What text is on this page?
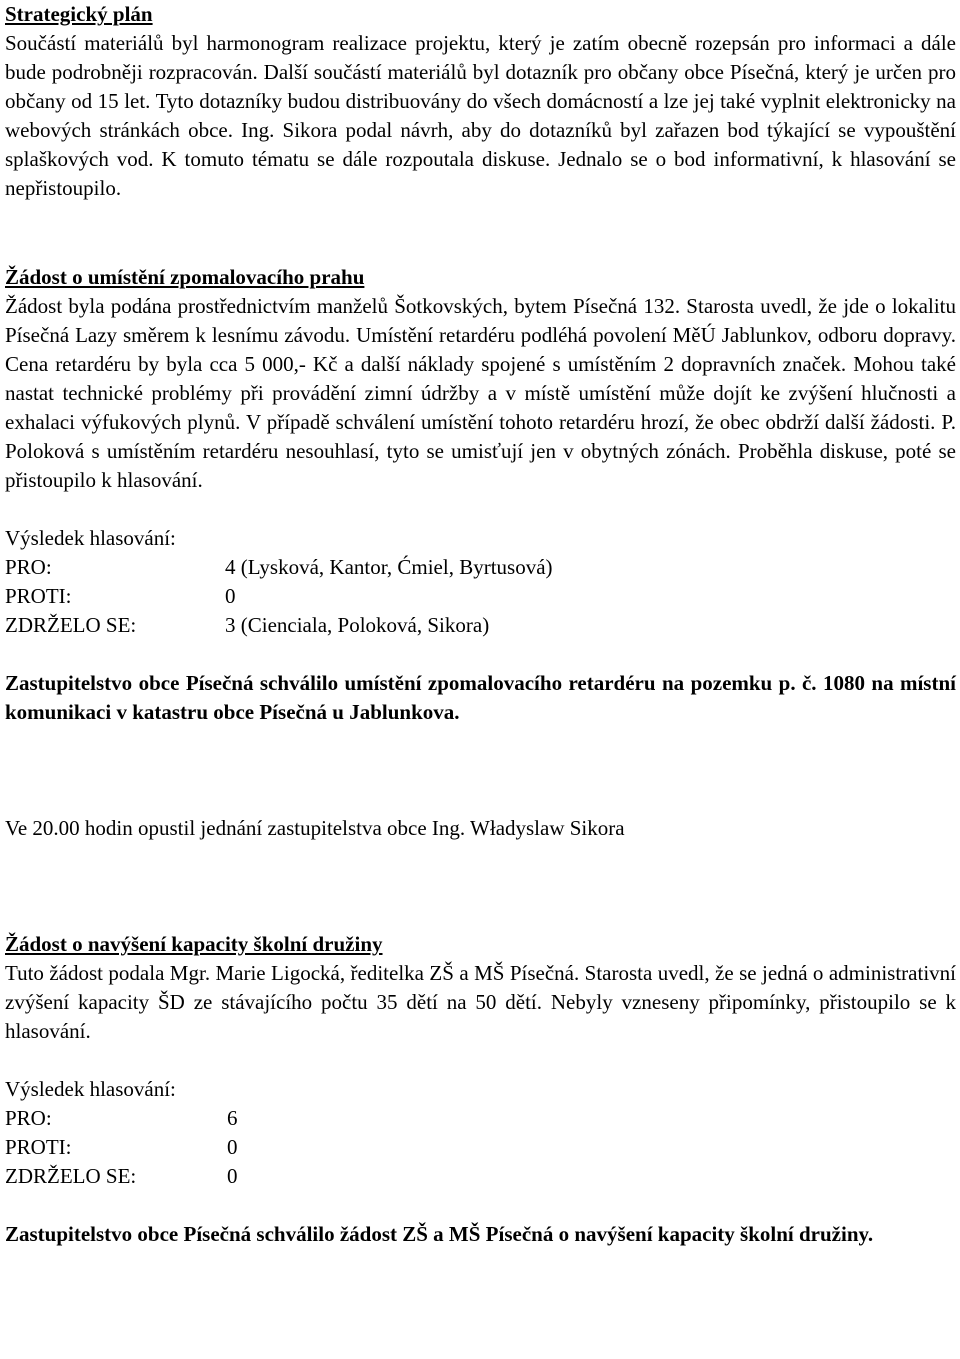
Strategický plán

Součástí materiálů byl harmonogram realizace projektu, který je zatím obecně rozepsán pro informaci a dále bude podrobněji rozpracován. Další součástí materiálů byl dotazník pro občany obce Písečná, který je určen pro občany od 15 let. Tyto dotazníky budou distribuovány do všech domácností a lze jej také vyplnit elektronicky na webových stránkách obce. Ing. Sikora podal návrh, aby do dotazníků byl zařazen bod týkající se vypouštění splaškových vod. K tomuto tématu se dále rozpoutala diskuse. Jednalo se o bod informativní, k hlasování se nepřistoupilo.

Žádost o umístění zpomalovacího prahu

Žádost byla podána prostřednictvím manželů Šotkovských, bytem Písečná 132. Starosta uvedl, že jde o lokalitu Písečná Lazy směrem k lesnímu závodu. Umístění retardéru podléhá povolení MěÚ Jablunkov, odboru dopravy. Cena retardéru by byla cca 5 000,- Kč a další náklady spojené s umístěním 2 dopravních značek. Mohou také nastat technické problémy při provádění zimní údržby a v místě umístění může dojít ke zvýšení hlučnosti a exhalaci výfukových plynů. V případě schválení umístění tohoto retardéru hrozí, že obec obdrží další žádosti. P. Poloková s umístěním retardéru nesouhlasí, tyto se umisťují jen v obytných zónách. Proběhla diskuse, poté se přistoupilo k hlasování.

Výsledek hlasování:

PRO:	4 (Lysková, Kantor, Ćmiel, Byrtusová)
PROTI:	0
ZDRŽELO SE:	3 (Cienciala, Poloková, Sikora)

Zastupitelstvo obce Písečná schválilo umístění zpomalovacího retardéru na pozemku p. č. 1080 na místní komunikaci v katastru obce Písečná u Jablunkova.

Ve 20.00 hodin opustil jednání zastupitelstva obce Ing. Władyslaw Sikora

Žádost o navýšení kapacity školní družiny

Tuto žádost podala Mgr. Marie Ligocká, ředitelka ZŠ a MŠ Písečná. Starosta uvedl, že se jedná o administrativní zvýšení kapacity ŠD ze stávajícího počtu 35 dětí na 50 dětí. Nebyly vzneseny připomínky, přistoupilo se k hlasování.

Výsledek hlasování:

PRO:	6
PROTI:	0
ZDRŽELO SE:	0

Zastupitelstvo obce Písečná schválilo žádost ZŠ a MŠ Písečná o navýšení kapacity školní družiny.
